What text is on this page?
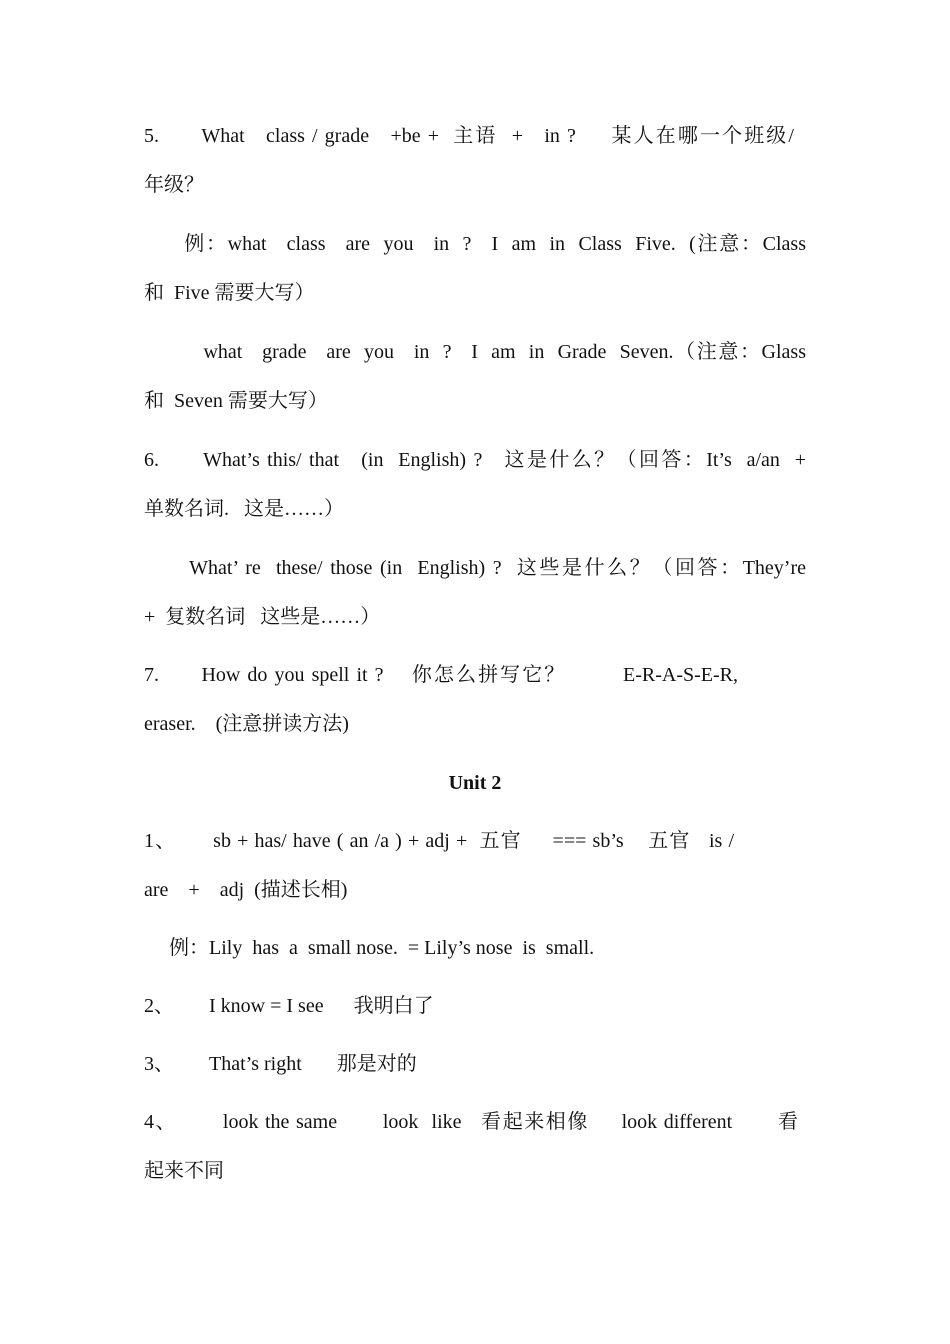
5.      What   class / grade   +be +  主语  +   in ?     某人在哪一个班级/
年级？
例：what   class   are  you   in  ?   I  am  in  Class  Five.  (注意：Class
和  Five 需要大写）
what   grade   are  you   in  ?   I  am  in  Grade  Seven.（注意：Glass
和  Seven 需要大写）
6.      What’s this/ that   (in  English) ?   这是什么？（回答：It’s  a/an  +
单数名词.   这是……）
What’ re  these/ those (in  English) ?  这些是什么？（回答：They’re
+  复数名词   这些是……）
7.      How do you spell it ?    你怎么拼写它？        E-R-A-S-E-R,
eraser.    (注意拼读方法)
Unit 2
1、      sb + has/ have ( an /a ) + adj +  五官     === sb’s    五官   is /
are    +    adj  (描述长相)
例：Lily  has  a  small nose.  = Lily’s nose  is  small.
2、       I know = I see      我明白了
3、       That’s right       那是对的
4、       look the same       look  like   看起来相像     look different       看
起来不同
